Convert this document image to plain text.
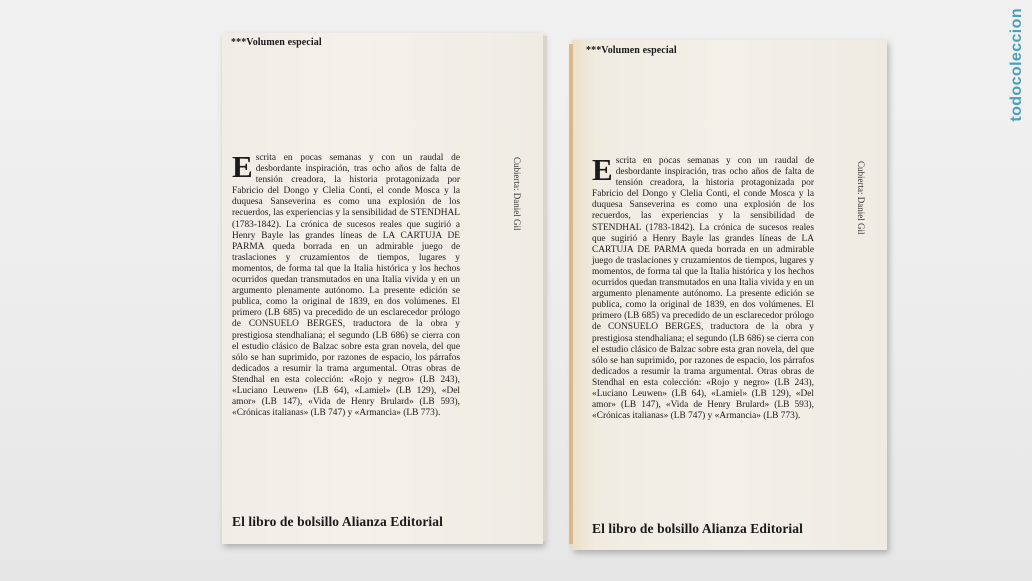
***Volumen especial
Cubierta: Daniel Gil
Escrita en pocas semanas y con un raudal de desbordante inspiración, tras ocho años de falta de tensión creadora, la historia protagonizada por Fabricio del Dongo y Clelia Conti, el conde Mosca y la duquesa Sanseverina es como una explosión de los recuerdos, las experiencias y la sensibilidad de STENDHAL (1783-1842). La crónica de sucesos reales que sugirió a Henry Bayle las grandes líneas de LA CARTUJA DE PARMA queda borrada en un admirable juego de traslaciones y cruzamientos de tiempos, lugares y momentos, de forma tal que la Italia histórica y los hechos ocurridos quedan transmutados en una Italia vivida y en un argumento plenamente autónomo. La presente edición se publica, como la original de 1839, en dos volúmenes. El primero (LB 685) va precedido de un esclarecedor prólogo de CONSUELO BERGES, traductora de la obra y prestigiosa stendhaliana; el segundo (LB 686) se cierra con el estudio clásico de Balzac sobre esta gran novela, del que sólo se han suprimido, por razones de espacio, los párrafos dedicados a resumir la trama argumental. Otras obras de Stendhal en esta colección: «Rojo y negro» (LB 243), «Luciano Leuwen» (LB 64), «Lamiel» (LB 129), «Del amor» (LB 147), «Vida de Henry Brulard» (LB 593), «Crónicas italianas» (LB 747) y «Armancia» (LB 773).
El libro de bolsillo Alianza Editorial
***Volumen especial
Cubierta: Daniel Gil
Escrita en pocas semanas y con un raudal de desbordante inspiración, tras ocho años de falta de tensión creadora, la historia protagonizada por Fabricio del Dongo y Clelia Conti, el conde Mosca y la duquesa Sanseverina es como una explosión de los recuerdos, las experiencias y la sensibilidad de STENDHAL (1783-1842). La crónica de sucesos reales que sugirió a Henry Bayle las grandes líneas de LA CARTUJA DE PARMA queda borrada en un admirable juego de traslaciones y cruzamientos de tiempos, lugares y momentos, de forma tal que la Italia histórica y los hechos ocurridos quedan transmutados en una Italia vivida y en un argumento plenamente autónomo. La presente edición se publica, como la original de 1839, en dos volúmenes. El primero (LB 685) va precedido de un esclarecedor prólogo de CONSUELO BERGES, traductora de la obra y prestigiosa stendhaliana; el segundo (LB 686) se cierra con el estudio clásico de Balzac sobre esta gran novela, del que sólo se han suprimido, por razones de espacio, los párrafos dedicados a resumir la trama argumental. Otras obras de Stendhal en esta colección: «Rojo y negro» (LB 243), «Luciano Leuwen» (LB 64), «Lamiel» (LB 129), «Del amor» (LB 147), «Vida de Henry Brulard» (LB 593), «Crónicas italianas» (LB 747) y «Armancia» (LB 773).
El libro de bolsillo Alianza Editorial
todocoleccion
